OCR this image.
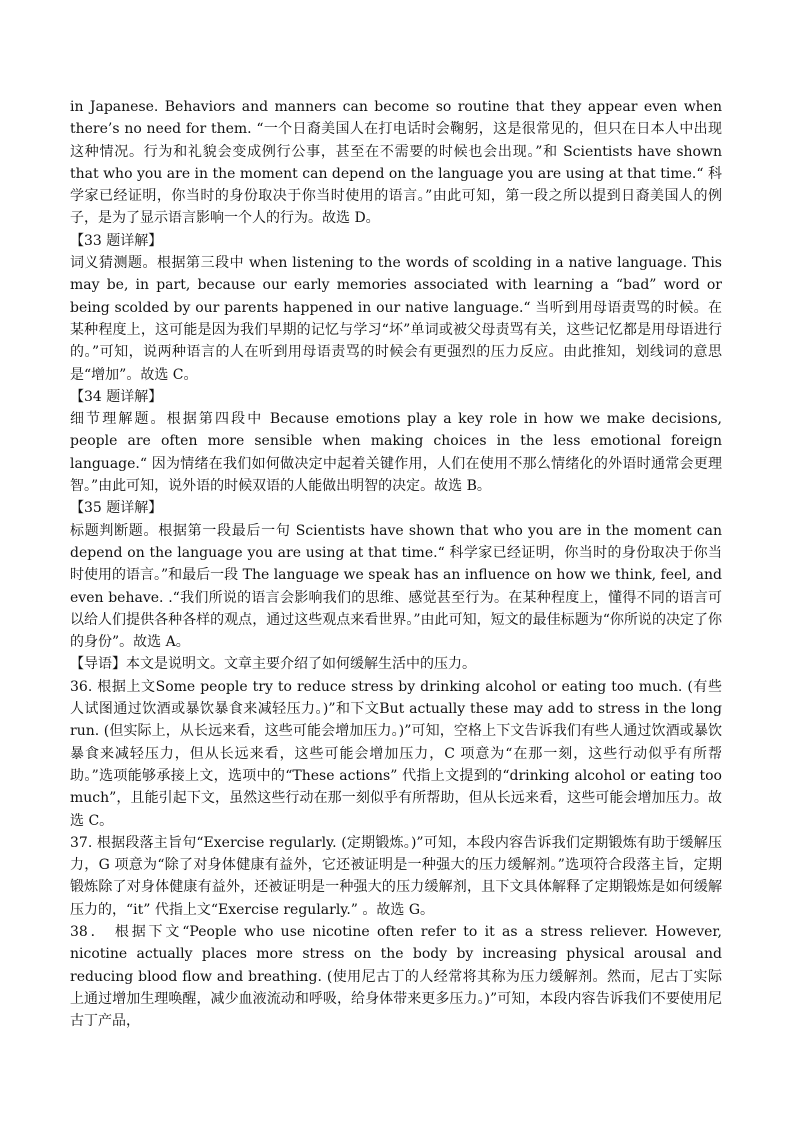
in Japanese. Behaviors and manners can become so routine that they appear even when there’s no need for them. “一个日裔美国人在打电话时会鞠躬，这是很常见的，但只在日本人中出现这种情况。行为和礼貌会变成例行公事，甚至在不需要的时候也会出现。”和 Scientists have shown that who you are in the moment can depend on the language you are using at that time.“ 科学家已经证明，你当时的身份取决于你当时使用的语言。”由此可知，第一段之所以提到日裔美国人的例子，是为了显示语言影响一个人的行为。故选 D。

【33 题详解】

词义猜测题。根据第三段中 when listening to the words of scolding in a native language. This may be, in part, because our early memories associated with learning a “bad” word or being scolded by our parents happened in our native language.“ 当听到用母语责骂的时候。在某种程度上，这可能是因为我们早期的记忆与学习“坏”单词或被父母责骂有关，这些记忆都是用母语进行的。”可知，说两种语言的人在听到用母语责骂的时候会有更强烈的压力反应。由此推知，划线词的意思是“增加”。故选 C。

【34 题详解】

细节理解题。根据第四段中 Because emotions play a key role in how we make decisions, people are often more sensible when making choices in the less emotional foreign language.“ 因为情绪在我们如何做决定中起着关键作用，人们在使用不那么情绪化的外语时通常会更理智。”由此可知，说外语的时候双语的人能做出明智的决定。故选 B。

【35 题详解】

标题判断题。根据第一段最后一句 Scientists have shown that who you are in the moment can depend on the language you are using at that time.“ 科学家已经证明，你当时的身份取决于你当时使用的语言。”和最后一段 The language we speak has an influence on how we think, feel, and even behave. .“我们所说的语言会影响我们的思维、感觉甚至行为。在某种程度上，懂得不同的语言可以给人们提供各种各样的观点，通过这些观点来看世界。”由此可知，短文的最佳标题为“你所说的决定了你的身份”。故选 A。

【导语】本文是说明文。文章主要介绍了如何缓解生活中的压力。

36. 根据上文Some people try to reduce stress by drinking alcohol or eating too much. (有些人试图通过饮酒或暴饮暴食来减轻压力。)”和下文But actually these may add to stress in the long run. (但实际上，从长远来看，这些可能会增加压力。)”可知，空格上下文告诉我们有些人通过饮酒或暴饮暴食来减轻压力，但从长远来看，这些可能会增加压力，C 项意为“在那一刻，这些行动似乎有所帮助。”选项能够承接上文，选项中的“These actions” 代指上文提到的“drinking alcohol or eating too much”，且能引起下文，虽然这些行动在那一刻似乎有所帮助，但从长远来看，这些可能会增加压力。故选 C。

37. 根据段落主旨句“Exercise regularly. (定期锻炼。)”可知，本段内容告诉我们定期锻炼有助于缓解压力，G 项意为“除了对身体健康有益外，它还被证明是一种强大的压力缓解剂。”选项符合段落主旨，定期锻炼除了对身体健康有益外，还被证明是一种强大的压力缓解剂，且下文具体解释了定期锻炼是如何缓解压力的，“it” 代指上文“Exercise regularly.” 。故选 G。

38． 根据下文“People who use nicotine often refer to it as a stress reliever. However, nicotine actually places more stress on the body by increasing physical arousal and reducing blood flow and breathing. (使用尼古丁的人经常将其称为压力缓解剂。然而，尼古丁实际上通过增加生理唤醒，减少血液流动和呼吸，给身体带来更多压力。)”可知，本段内容告诉我们不要使用尼古丁产品，
